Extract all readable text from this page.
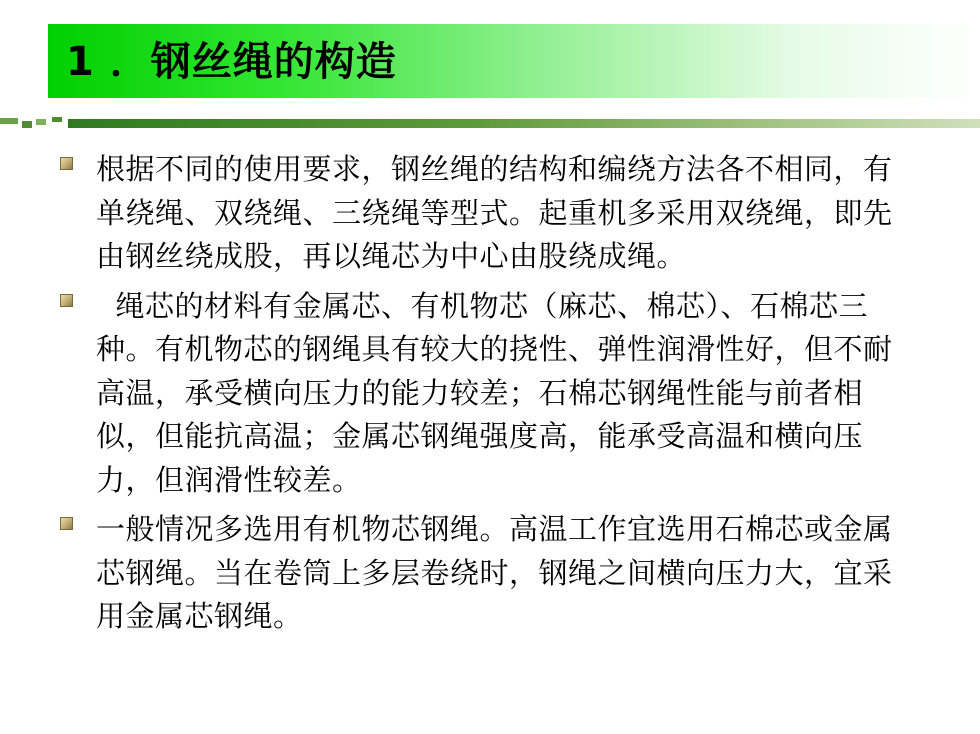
1 ．钢丝绳的构造
根据不同的使用要求，钢丝绳的结构和编绕方法各不相同，有单绕绳、双绕绳、三绕绳等型式。起重机多采用双绕绳，即先由钢丝绕成股，再以绳芯为中心由股绕成绳。
绳芯的材料有金属芯、有机物芯（麻芯、棉芯）、石棉芯三种。有机物芯的钢绳具有较大的挠性、弹性润滑性好，但不耐高温，承受横向压力的能力较差；石棉芯钢绳性能与前者相似，但能抗高温；金属芯钢绳强度高，能承受高温和横向压力，但润滑性较差。
一般情况多选用有机物芯钢绳。高温工作宜选用石棉芯或金属芯钢绳。当在卷筒上多层卷绕时，钢绳之间横向压力大，宜采用金属芯钢绳。
